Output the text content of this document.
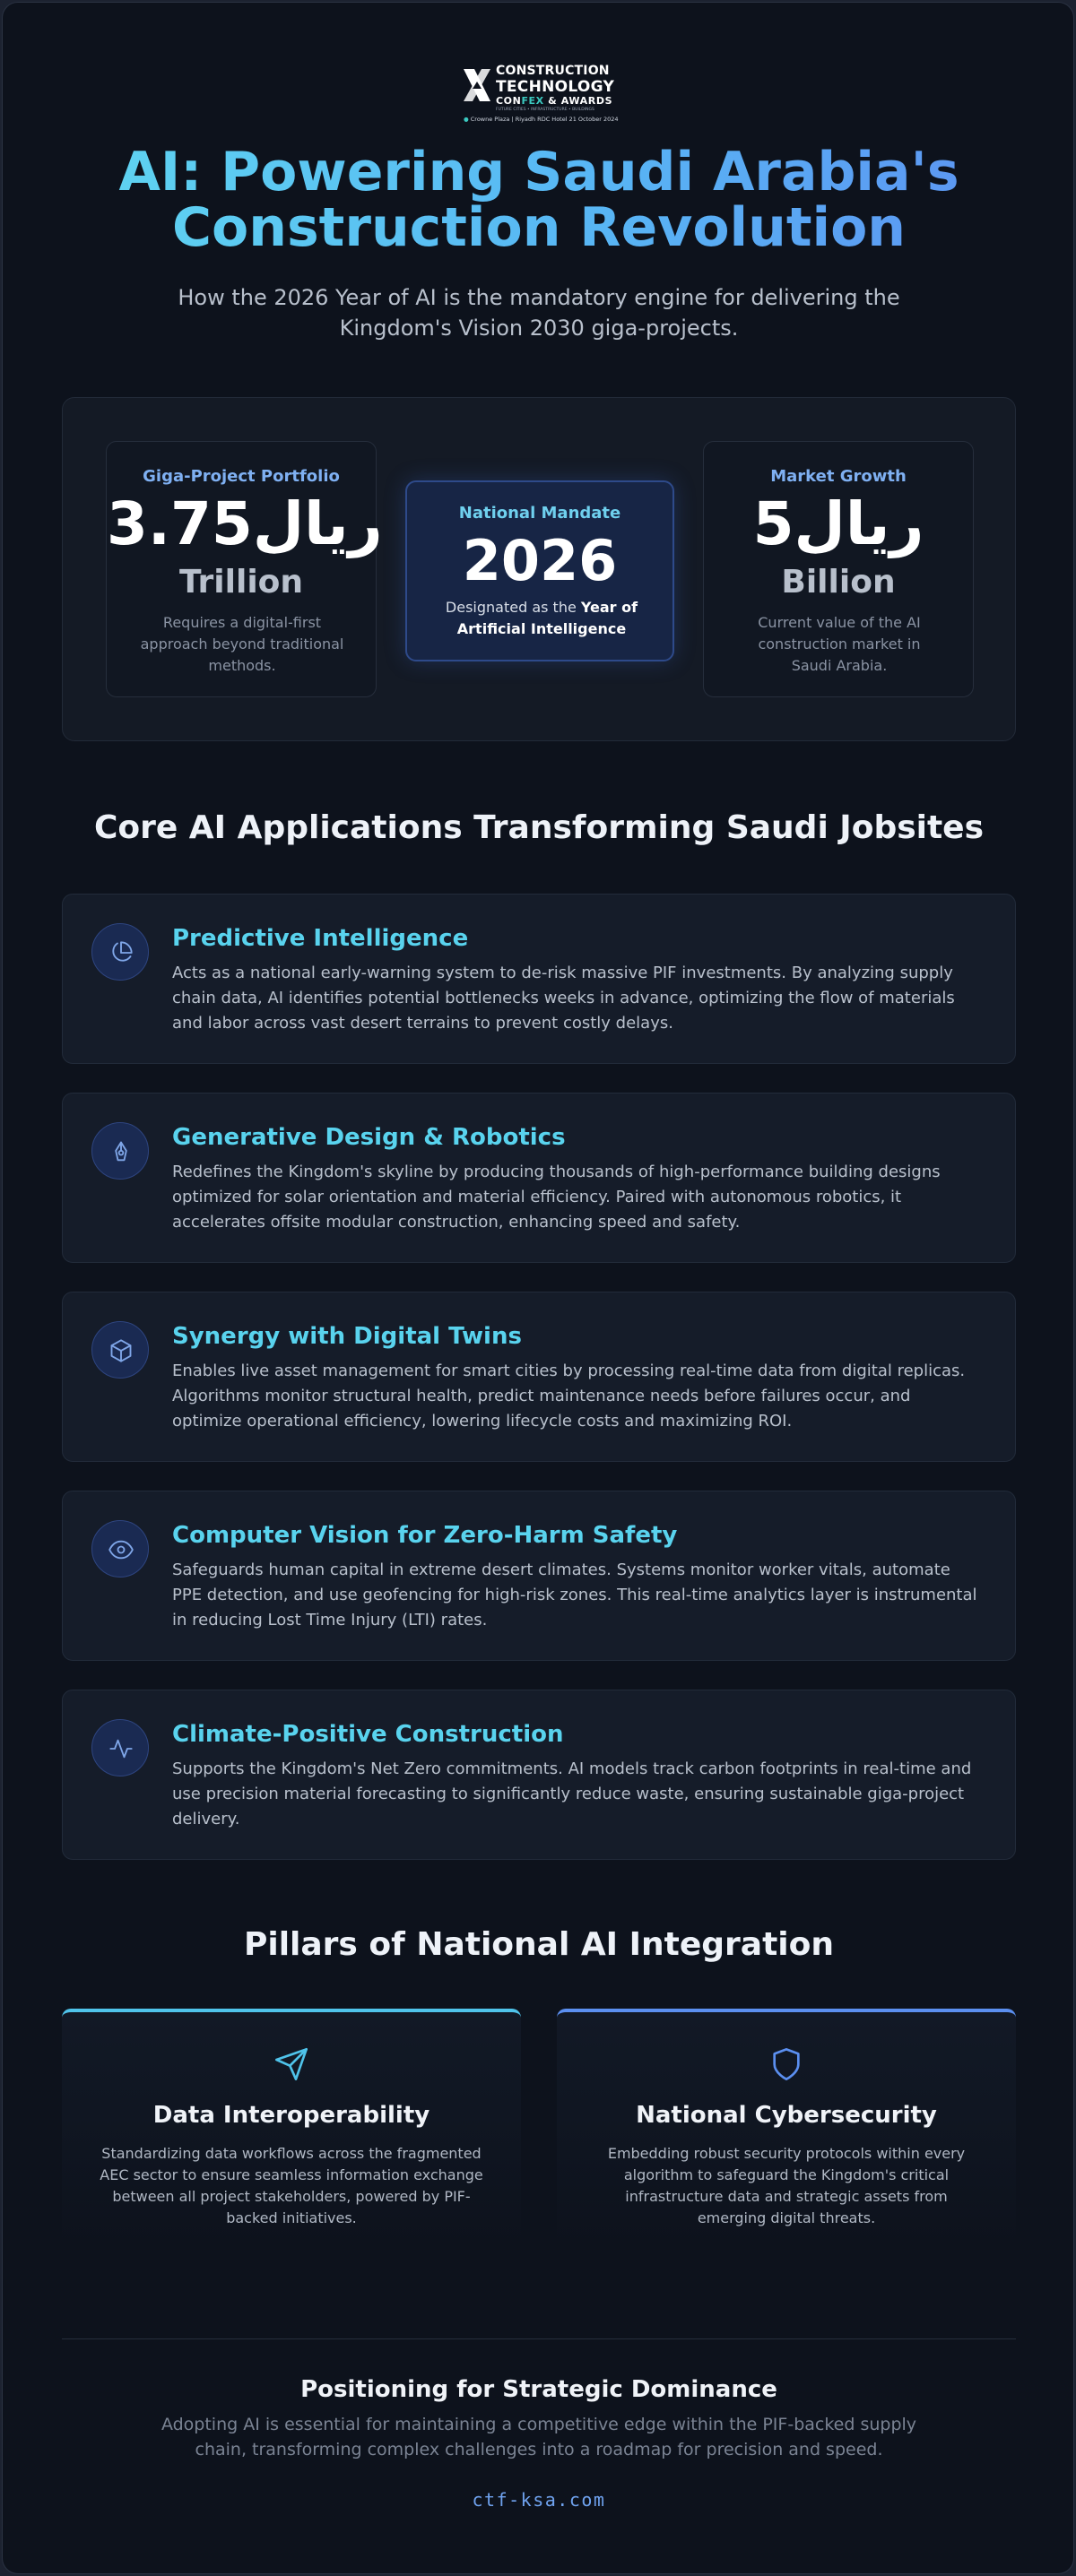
CONSTRUCTION
TECHNOLOGY
CONFEX & AWARDS
FUTURE CITIES • INFRASTRUCTURE • BUILDINGS
● Crowne Plaza | Riyadh RDC Hotel 21 October 2024
AI: Powering Saudi Arabia's
Construction Revolution

How the 2026 Year of AI is the mandatory engine for delivering the Kingdom's Vision 2030 giga-projects.

Giga-Project Portfolio
3.75ريال
Trillion
Requires a digital-first approach beyond traditional methods.
National Mandate
2026
Designated as the Year of Artificial Intelligence
Market Growth
5ريال
Billion
Current value of the AI construction market in Saudi Arabia.
Core AI Applications Transforming Saudi Jobsites
Predictive Intelligence
Acts as a national early-warning system to de-risk massive PIF investments. By analyzing supply chain data, AI identifies potential bottlenecks weeks in advance, optimizing the flow of materials and labor across vast desert terrains to prevent costly delays.
Generative Design & Robotics
Redefines the Kingdom's skyline by producing thousands of high-performance building designs optimized for solar orientation and material efficiency. Paired with autonomous robotics, it accelerates offsite modular construction, enhancing speed and safety.
Synergy with Digital Twins
Enables live asset management for smart cities by processing real-time data from digital replicas. Algorithms monitor structural health, predict maintenance needs before failures occur, and optimize operational efficiency, lowering lifecycle costs and maximizing ROI.
Computer Vision for Zero-Harm Safety
Safeguards human capital in extreme desert climates. Systems monitor worker vitals, automate PPE detection, and use geofencing for high-risk zones. This real-time analytics layer is instrumental in reducing Lost Time Injury (LTI) rates.
Climate-Positive Construction
Supports the Kingdom's Net Zero commitments. AI models track carbon footprints in real-time and use precision material forecasting to significantly reduce waste, ensuring sustainable giga-project delivery.
Pillars of National AI Integration
Data Interoperability
Standardizing data workflows across the fragmented AEC sector to ensure seamless information exchange between all project stakeholders, powered by PIF-backed initiatives.
National Cybersecurity
Embedding robust security protocols within every algorithm to safeguard the Kingdom's critical infrastructure data and strategic assets from emerging digital threats.
Positioning for Strategic Dominance
Adopting AI is essential for maintaining a competitive edge within the PIF-backed supply chain, transforming complex challenges into a roadmap for precision and speed.
ctf-ksa.com
